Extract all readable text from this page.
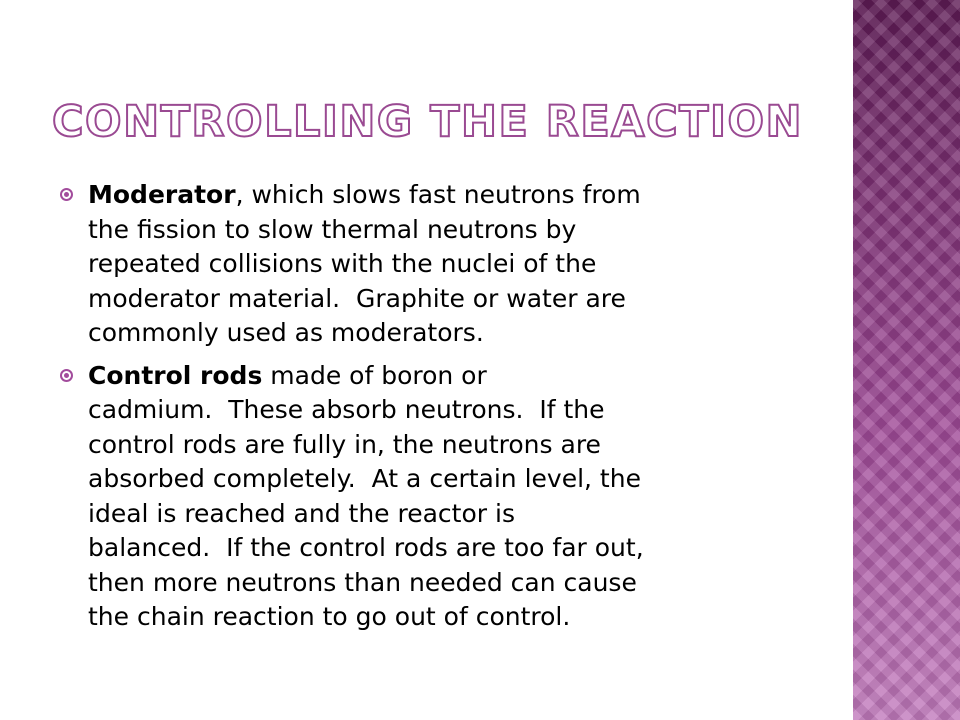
CONTROLLING THE REACTION
Moderator, which slows fast neutrons from
the fission to slow thermal neutrons by
repeated collisions with the nuclei of the
moderator material.  Graphite or water are
commonly used as moderators.
Control rods made of boron or
cadmium.  These absorb neutrons.  If the
control rods are fully in, the neutrons are
absorbed completely.  At a certain level, the
ideal is reached and the reactor is
balanced.  If the control rods are too far out,
then more neutrons than needed can cause
the chain reaction to go out of control.
